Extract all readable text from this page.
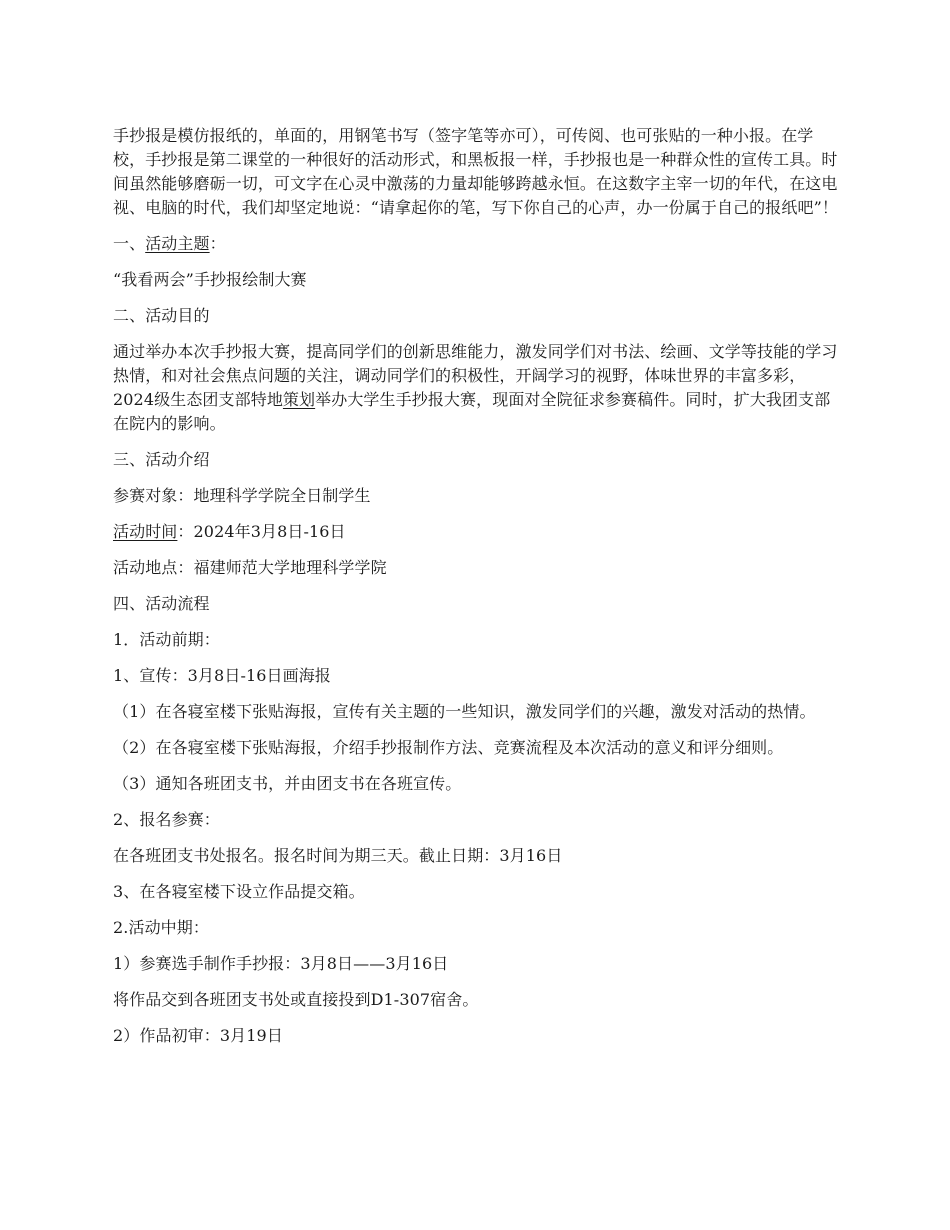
手抄报是模仿报纸的，单面的，用钢笔书写（签字笔等亦可），可传阅、也可张贴的一种小报。在学校，手抄报是第二课堂的一种很好的活动形式，和黑板报一样，手抄报也是一种群众性的宣传工具。时间虽然能够磨砺一切，可文字在心灵中激荡的力量却能够跨越永恒。在这数字主宰一切的年代，在这电视、电脑的时代，我们却坚定地说：“请拿起你的笔，写下你自己的心声，办一份属于自己的报纸吧”！

一、活动主题：

“我看两会”手抄报绘制大赛

二、活动目的

通过举办本次手抄报大赛，提高同学们的创新思维能力，激发同学们对书法、绘画、文学等技能的学习热情，和对社会焦点问题的关注，调动同学们的积极性，开阔学习的视野，体味世界的丰富多彩，2024级生态团支部特地策划举办大学生手抄报大赛，现面对全院征求参赛稿件。同时，扩大我团支部在院内的影响。

三、活动介绍

参赛对象：地理科学学院全日制学生

活动时间：2024年3月8日-16日

活动地点：福建师范大学地理科学学院

四、活动流程

1．活动前期：

1、宣传：3月8日-16日画海报

（1）在各寝室楼下张贴海报，宣传有关主题的一些知识，激发同学们的兴趣，激发对活动的热情。

（2）在各寝室楼下张贴海报，介绍手抄报制作方法、竞赛流程及本次活动的意义和评分细则。

（3）通知各班团支书，并由团支书在各班宣传。

2、报名参赛：

在各班团支书处报名。报名时间为期三天。截止日期：3月16日

3、在各寝室楼下设立作品提交箱。

2.活动中期：

1）参赛选手制作手抄报：3月8日——3月16日

将作品交到各班团支书处或直接投到D1-307宿舍。

2）作品初审：3月19日
